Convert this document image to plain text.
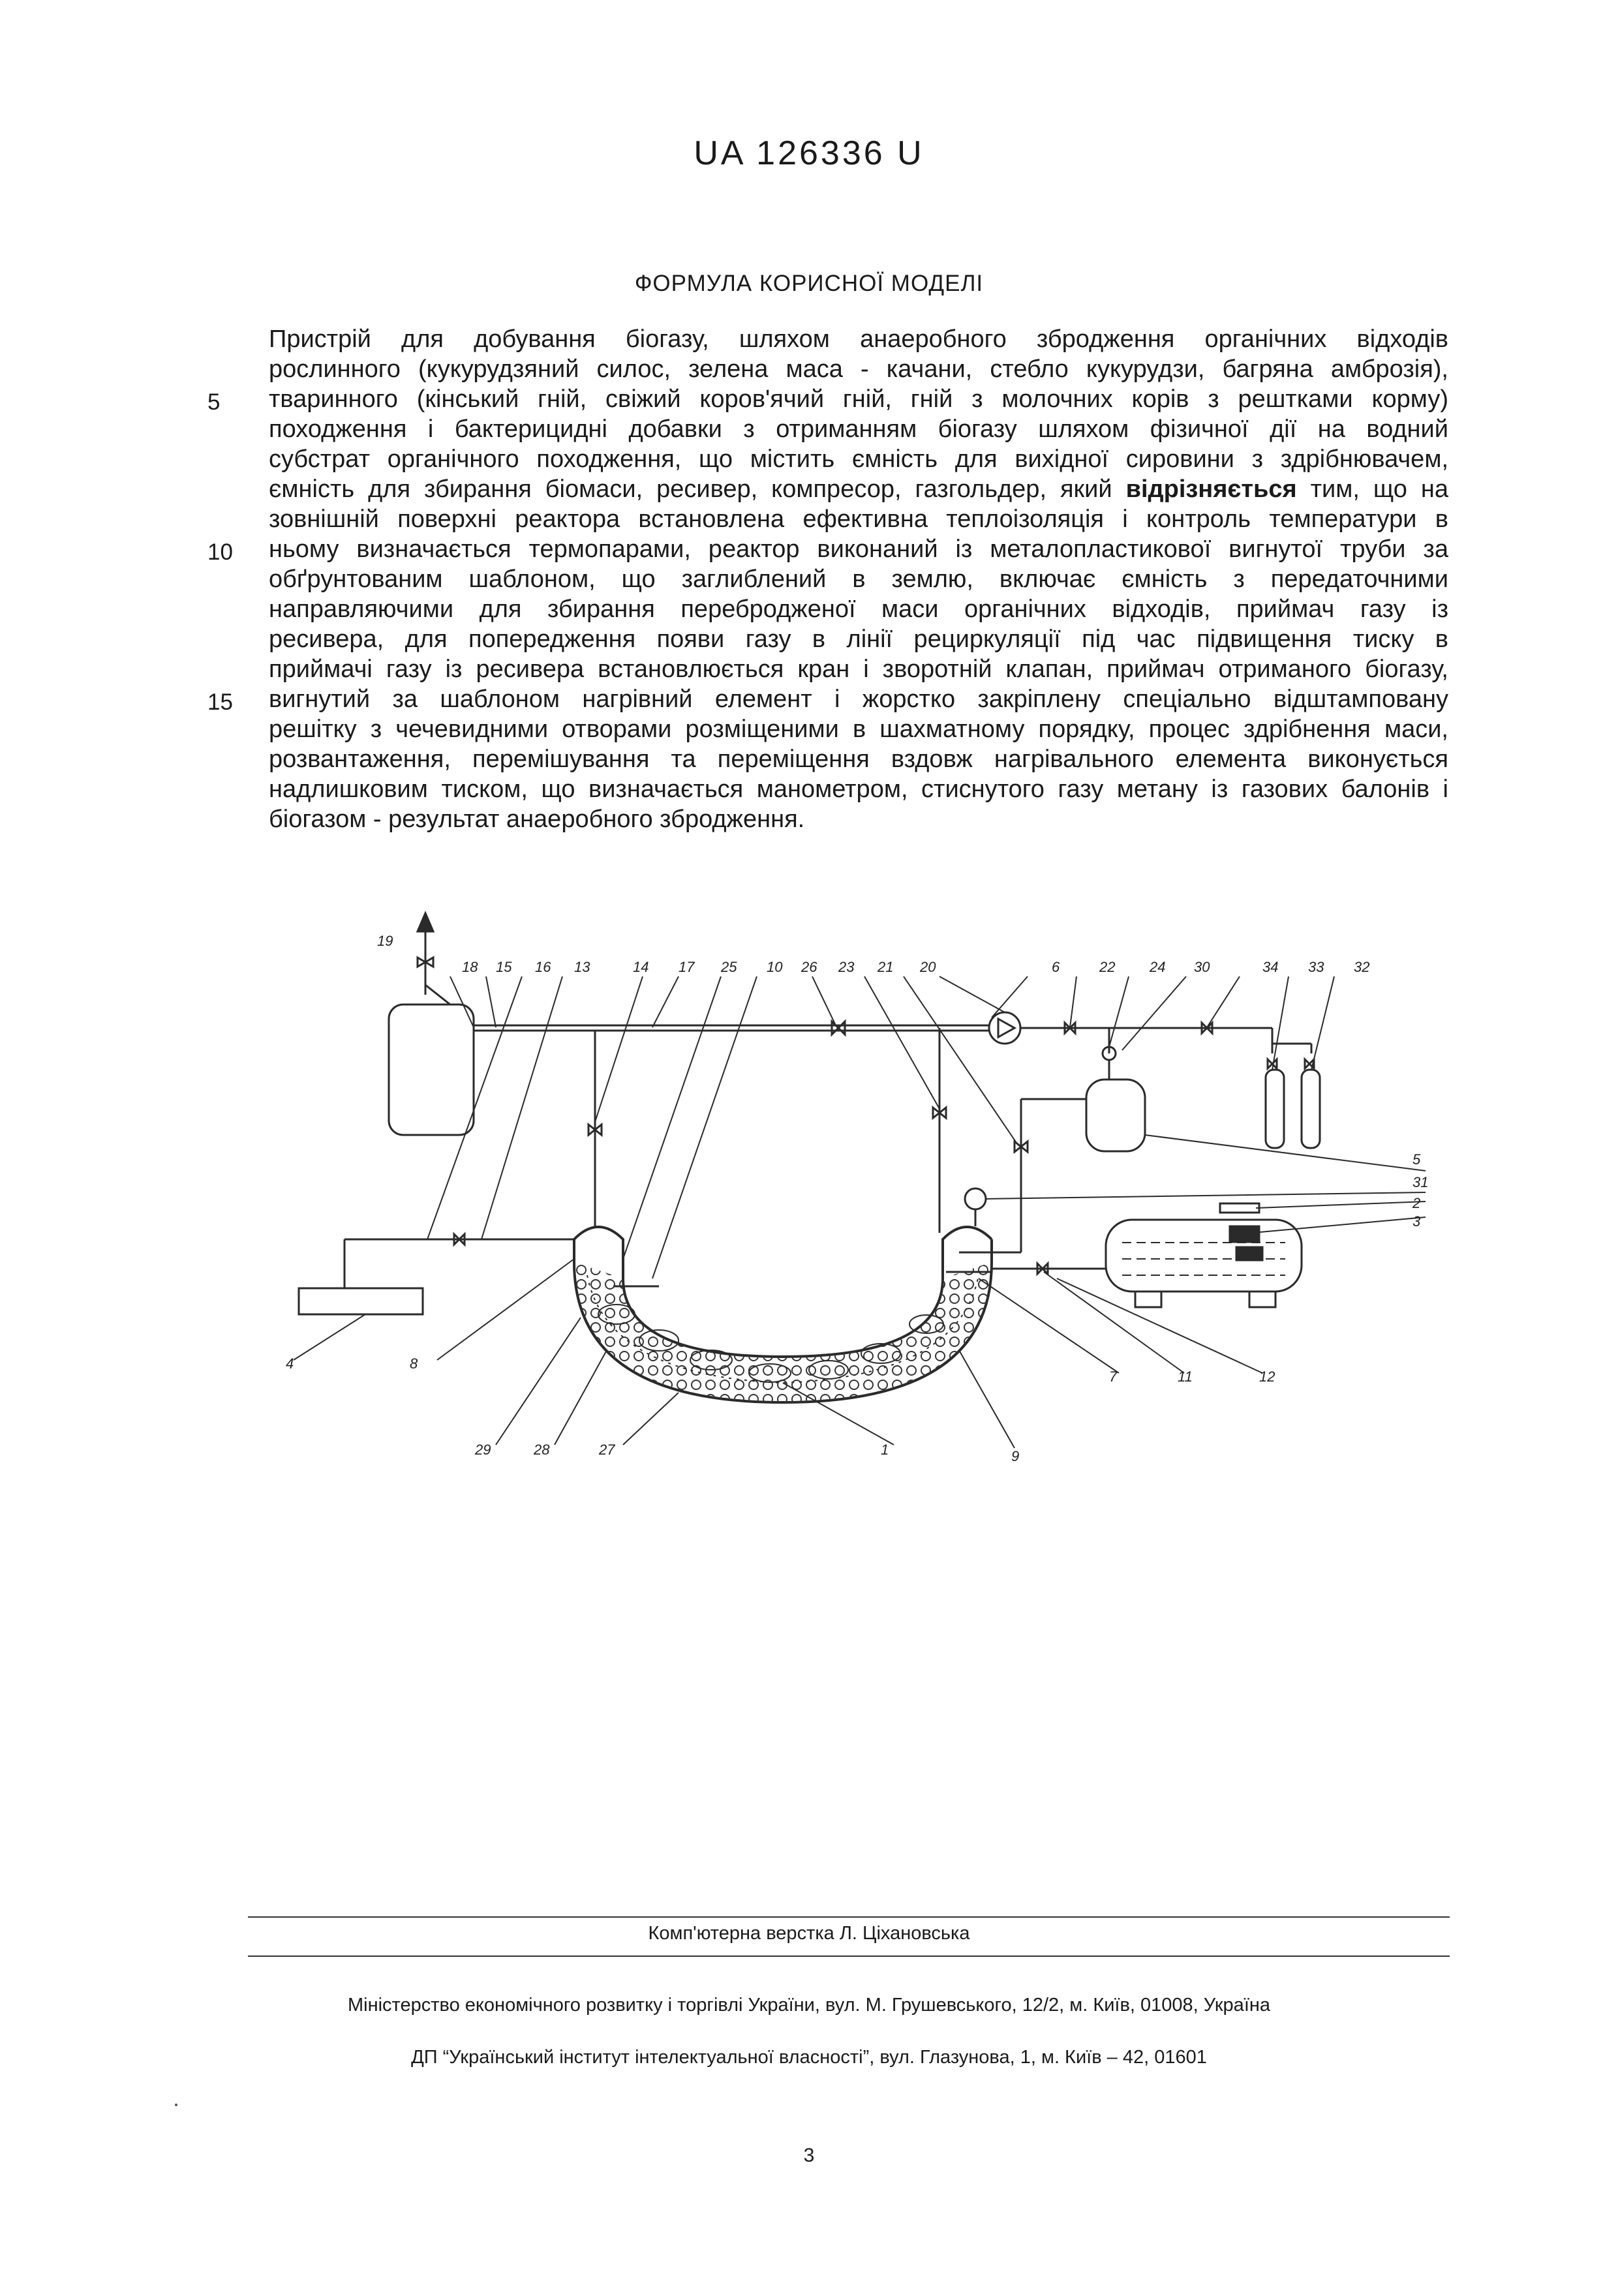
UA 126336 U
ФОРМУЛА КОРИСНОЇ МОДЕЛІ
5
10
15
Пристрій для добування біогазу, шляхом анаеробного збродження органічних відходів
рослинного (кукурудзяний силос, зелена маса - качани, стебло кукурудзи, багряна амброзія),
тваринного (кінський гній, свіжий коров'ячий гній, гній з молочних корів з рештками корму)
походження і бактерицидні добавки з отриманням біогазу шляхом фізичної дії на водний
субстрат органічного походження, що містить ємність для вихідної сировини з здрібнювачем,
ємність для збирання біомаси, ресивер, компресор, газгольдер, який відрізняється тим, що на
зовнішній поверхні реактора встановлена ефективна теплоізоляція і контроль температури в
ньому визначається термопарами, реактор виконаний із металопластикової вигнутої труби за
обґрунтованим шаблоном, що заглиблений в землю, включає ємність з передаточними
направляючими для збирання перебродженої маси органічних відходів, приймач газу із
ресивера, для попередження появи газу в лінії рециркуляції під час підвищення тиску в
приймачі газу із ресивера встановлюється кран і зворотній клапан, приймач отриманого біогазу,
вигнутий за шаблоном нагрівний елемент і жорстко закріплену спеціально відштамповану
решітку з чечевидними отворами розміщеними в шахматному порядку, процес здрібнення маси,
розвантаження, перемішування та переміщення вздовж нагрівального елемента виконується
надлишковим тиском, що визначається манометром, стиснутого газу метану із газових балонів і
біогазом - результат анаеробного збродження.
19
18 15 16 13	14 17 25 10 26 23 21 20	6	22 24 30	34 33 32
5
31
2
3
4	8
7	11	12
29	28	27	1	9
Комп'ютерна верстка Л. Ціхановська
Міністерство економічного розвитку і торгівлі України, вул. М. Грушевського, 12/2, м. Київ, 01008, Україна
ДП “Український інститут інтелектуальної власності”, вул. Глазунова, 1, м. Київ – 42, 01601
3
